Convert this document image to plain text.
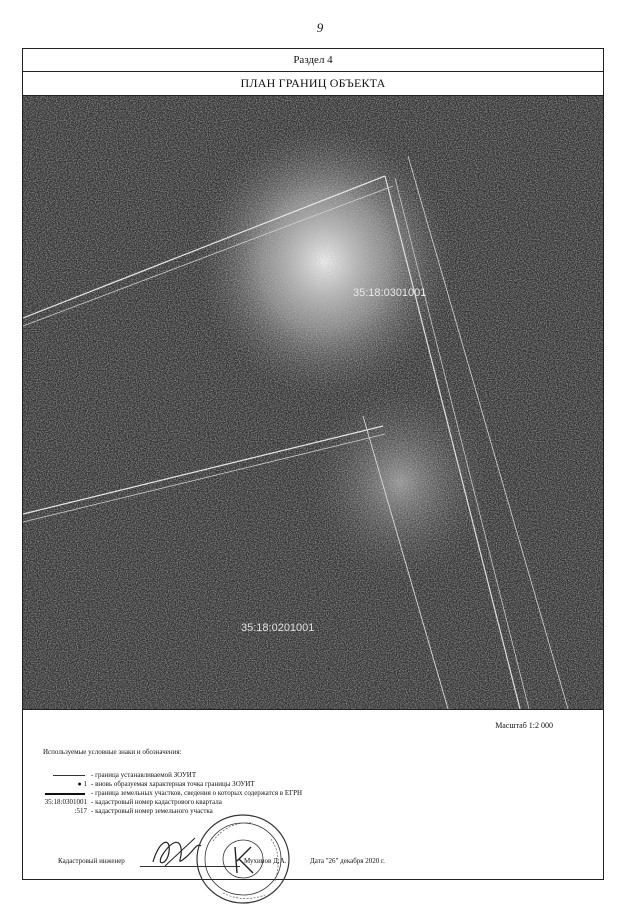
9
Раздел 4
ПЛАН ГРАНИЦ ОБЪЕКТА
35:18:0301001
35:18:0201001
Масштаб 1:2 000
Используемые условные знаки и обозначения:
- граница устанавливаемой ЗОУИТ
● 1 - вновь образуемая характерная точка границы ЗОУИТ
- граница земельных участков, сведения о которых содержатся в ЕГРН
35:18:0301001 - кадастровый номер кадастрового квартала
:517 - кадастровый номер земельного участка
Кадастровый инженер	Мухинов Д.А.	Дата "26" декабря 2020 г.
